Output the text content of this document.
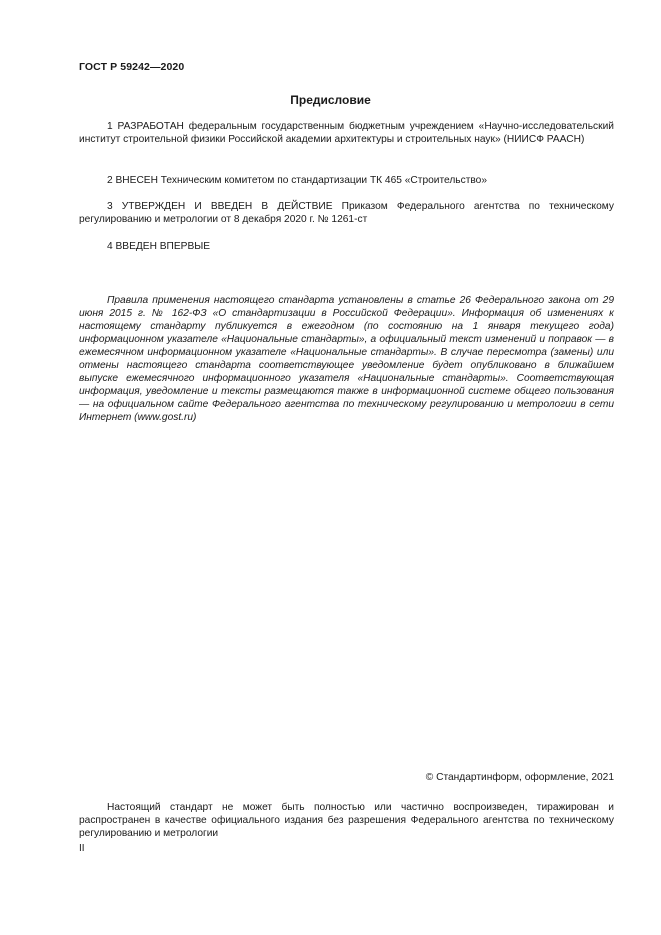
ГОСТ Р 59242—2020
Предисловие

1 РАЗРАБОТАН федеральным государственным бюджетным учреждением «Научно-исследовательский институт строительной физики Российской академии архитектуры и строительных наук» (НИИСФ РААСН)

2 ВНЕСЕН Техническим комитетом по стандартизации ТК 465 «Строительство»

3 УТВЕРЖДЕН И ВВЕДЕН В ДЕЙСТВИЕ Приказом Федерального агентства по техническому регулированию и метрологии от 8 декабря 2020 г. № 1261-ст

4 ВВЕДЕН ВПЕРВЫЕ

Правила применения настоящего стандарта установлены в статье 26 Федерального закона от 29 июня 2015 г. № 162-ФЗ «О стандартизации в Российской Федерации». Информация об изменениях к настоящему стандарту публикуется в ежегодном (по состоянию на 1 января текущего года) информационном указателе «Национальные стандарты», а официальный текст изменений и поправок — в ежемесячном информационном указателе «Национальные стандарты». В случае пересмотра (замены) или отмены настоящего стандарта соответствующее уведомление будет опубликовано в ближайшем выпуске ежемесячного информационного указателя «Национальные стандарты». Соответствующая информация, уведомление и тексты размещаются также в информационной системе общего пользования — на официальном сайте Федерального агентства по техническому регулированию и метрологии в сети Интернет (www.gost.ru)

© Стандартинформ, оформление, 2021

Настоящий стандарт не может быть полностью или частично воспроизведен, тиражирован и распространен в качестве официального издания без разрешения Федерального агентства по техническому регулированию и метрологии

II
